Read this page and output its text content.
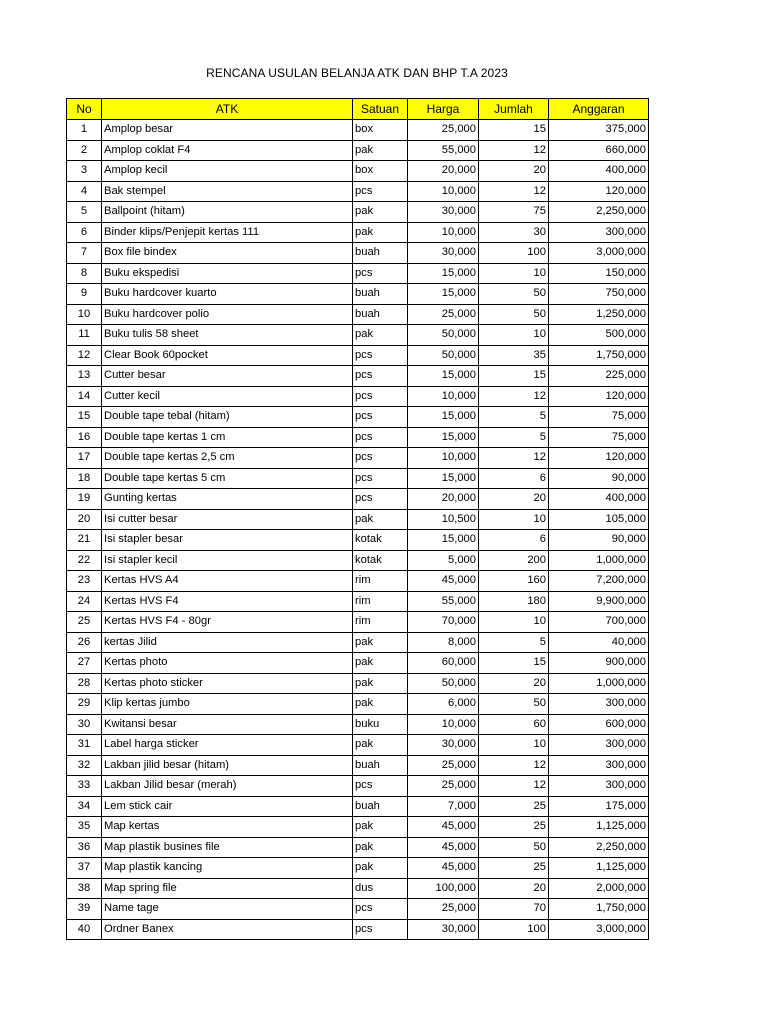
RENCANA USULAN BELANJA ATK DAN BHP T.A 2023
No	ATK	Satuan	Harga	Jumlah	Anggaran
1	Amplop besar	box	25,000	15	375,000
2	Amplop coklat F4	pak	55,000	12	660,000
3	Amplop kecil	box	20,000	20	400,000
4	Bak stempel	pcs	10,000	12	120,000
5	Ballpoint (hitam)	pak	30,000	75	2,250,000
6	Binder klips/Penjepit kertas 111	pak	10,000	30	300,000
7	Box file bindex	buah	30,000	100	3,000,000
8	Buku ekspedisi	pcs	15,000	10	150,000
9	Buku hardcover kuarto	buah	15,000	50	750,000
10	Buku hardcover polio	buah	25,000	50	1,250,000
11	Buku tulis 58 sheet	pak	50,000	10	500,000
12	Clear Book 60pocket	pcs	50,000	35	1,750,000
13	Cutter besar	pcs	15,000	15	225,000
14	Cutter kecil	pcs	10,000	12	120,000
15	Double tape tebal (hitam)	pcs	15,000	5	75,000
16	Double tape kertas 1 cm	pcs	15,000	5	75,000
17	Double tape kertas 2,5 cm	pcs	10,000	12	120,000
18	Double tape kertas 5 cm	pcs	15,000	6	90,000
19	Gunting kertas	pcs	20,000	20	400,000
20	Isi cutter besar	pak	10,500	10	105,000
21	Isi stapler besar	kotak	15,000	6	90,000
22	Isi stapler kecil	kotak	5,000	200	1,000,000
23	Kertas HVS A4	rim	45,000	160	7,200,000
24	Kertas HVS F4	rim	55,000	180	9,900,000
25	Kertas HVS F4 - 80gr	rim	70,000	10	700,000
26	kertas Jilid	pak	8,000	5	40,000
27	Kertas photo	pak	60,000	15	900,000
28	Kertas photo sticker	pak	50,000	20	1,000,000
29	Klip kertas jumbo	pak	6,000	50	300,000
30	Kwitansi besar	buku	10,000	60	600,000
31	Label harga sticker	pak	30,000	10	300,000
32	Lakban jilid besar (hitam)	buah	25,000	12	300,000
33	Lakban Jilid besar (merah)	pcs	25,000	12	300,000
34	Lem stick cair	buah	7,000	25	175,000
35	Map kertas	pak	45,000	25	1,125,000
36	Map plastik busines file	pak	45,000	50	2,250,000
37	Map plastik kancing	pak	45,000	25	1,125,000
38	Map spring file	dus	100,000	20	2,000,000
39	Name tage	pcs	25,000	70	1,750,000
40	Ordner Banex	pcs	30,000	100	3,000,000
